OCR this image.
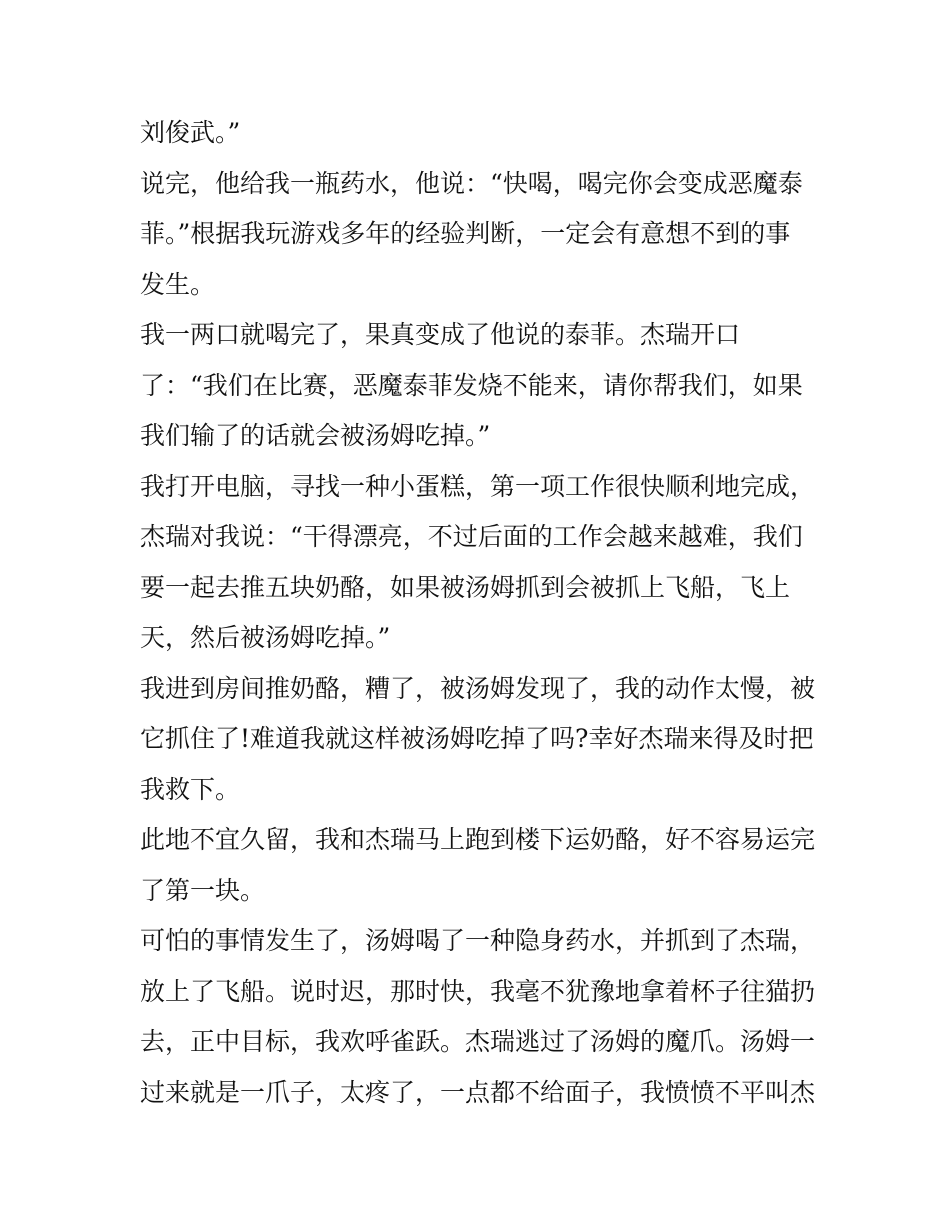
刘俊武。”
说完，他给我一瓶药水，他说：“快喝，喝完你会变成恶魔泰
菲。”根据我玩游戏多年的经验判断，一定会有意想不到的事
发生。
我一两口就喝完了，果真变成了他说的泰菲。杰瑞开口
了：“我们在比赛，恶魔泰菲发烧不能来，请你帮我们，如果
我们输了的话就会被汤姆吃掉。”
我打开电脑，寻找一种小蛋糕，第一项工作很快顺利地完成，
杰瑞对我说：“干得漂亮，不过后面的工作会越来越难，我们
要一起去推五块奶酪，如果被汤姆抓到会被抓上飞船，飞上
天，然后被汤姆吃掉。”
我进到房间推奶酪，糟了，被汤姆发现了，我的动作太慢，被
它抓住了!难道我就这样被汤姆吃掉了吗?幸好杰瑞来得及时把
我救下。
此地不宜久留，我和杰瑞马上跑到楼下运奶酪，好不容易运完
了第一块。
可怕的事情发生了，汤姆喝了一种隐身药水，并抓到了杰瑞，
放上了飞船。说时迟，那时快，我毫不犹豫地拿着杯子往猫扔
去，正中目标，我欢呼雀跃。杰瑞逃过了汤姆的魔爪。汤姆一
过来就是一爪子，太疼了，一点都不给面子，我愤愤不平叫杰
